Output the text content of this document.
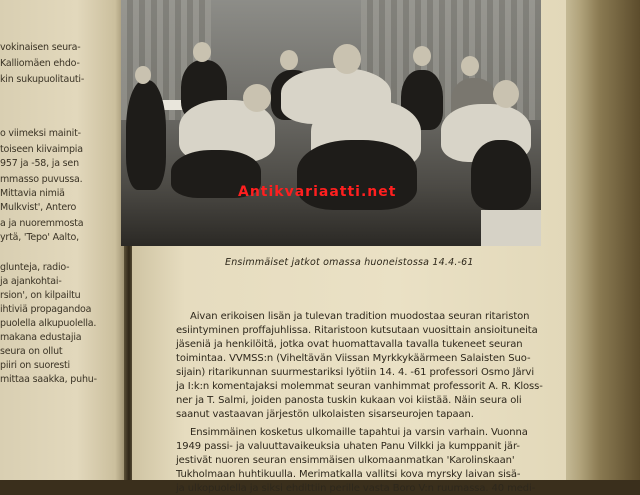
vokinaisen seura-
Kalliomäen ehdo-
kin sukupuolitauti-
o viimeksi mainit-
toiseen kiivaimpia
957 ja -58, ja sen
mmasso puvussa.
Mittavia nimiä
Mulkvist', Antero
a ja nuoremmosta
yrtä, 'Tepo' Aalto,
glunteja, radio-
ja ajankohtai-
rsion', on kilpailtu
ihtiviä propagandoa
puolella alkupuolella.
makana edustajia
seura on ollut
piiri on suoresti
mittaa saakka, puhu-
Antikvariaatti.net
Ensimmäiset jatkot omassa huoneistossa 14.4.-61
Aivan erikoisen lisän ja tulevan tradition muodostaa seuran ritariston
esiintyminen proffajuhlissa. Ritaristoon kutsutaan vuosittain ansioituneita
jäseniä ja henkilöitä, jotka ovat huomattavalla tavalla tukeneet seuran
toimintaa. VVMSS:n (Viheltävän Viissan Myrkkykäärmeen Salaisten Suo-
sijain) ritarikunnan suurmestariksi lyötiin 14. 4. -61 professori Osmo Järvi
ja I:k:n komentajaksi molemmat seuran vanhimmat professorit A. R. Kloss-
ner ja T. Salmi, joiden panosta tuskin kukaan voi kiistää. Näin seura oli
saanut vastaavan järjestön ulkolaisten sisarseurojen tapaan.
Ensimmäinen kosketus ulkomaille tapahtui ja varsin varhain. Vuonna
1949 passi- ja valuuttavaikeuksia uhaten Panu Vilkki ja kumppanit jär-
jestivät nuoren seuran ensimmäisen ulkomaanmatkan 'Karolinskaan'
Tukholmaan huhtikuulla. Merimatkalla vallitsi kova myrsky laivan sisä-
ja ulkopuolella ja siksi ehdittiin perille vasta Boro V:n ruumassa. 40 medi-
